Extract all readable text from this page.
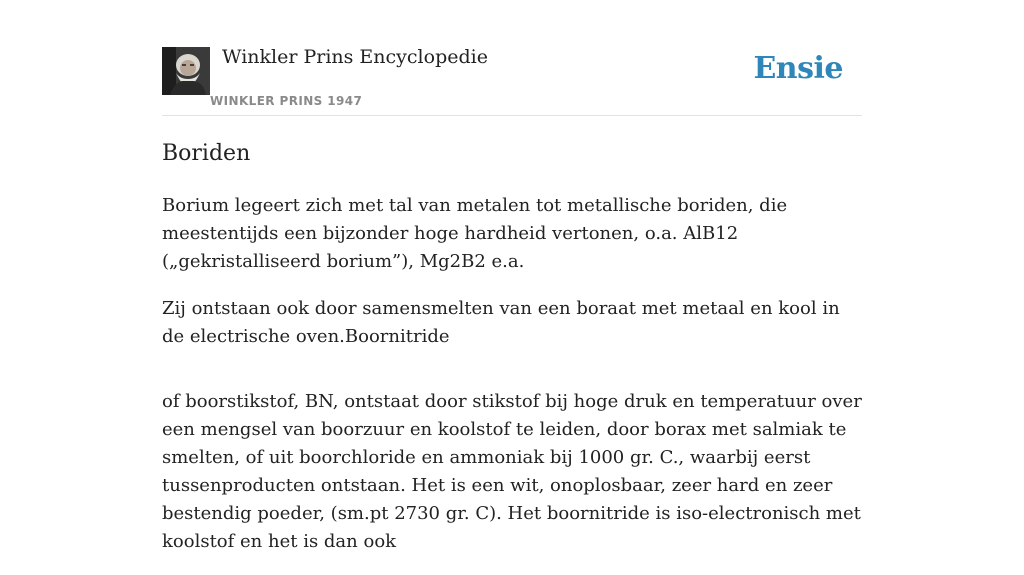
Winkler Prins Encyclopedie
WINKLER PRINS 1947
Ensie
Boriden

Borium legeert zich met tal van metalen tot metallische boriden, die meestentijds een bijzonder hoge hardheid vertonen, o.a. AlB12 („gekristalliseerd borium”), Mg2B2 e.a.

Zij ontstaan ook door samensmelten van een boraat met metaal en kool in de electrische oven.Boornitride

of boorstikstof, BN, ontstaat door stikstof bij hoge druk en temperatuur over een mengsel van boorzuur en koolstof te leiden, door borax met salmiak te smelten, of uit boorchloride en ammoniak bij 1000 gr. C., waarbij eerst tussenproducten ontstaan. Het is een wit, onoplosbaar, zeer hard en zeer bestendig poeder, (sm.pt 2730 gr. C). Het boornitride is iso-electronisch met koolstof en het is dan ook
